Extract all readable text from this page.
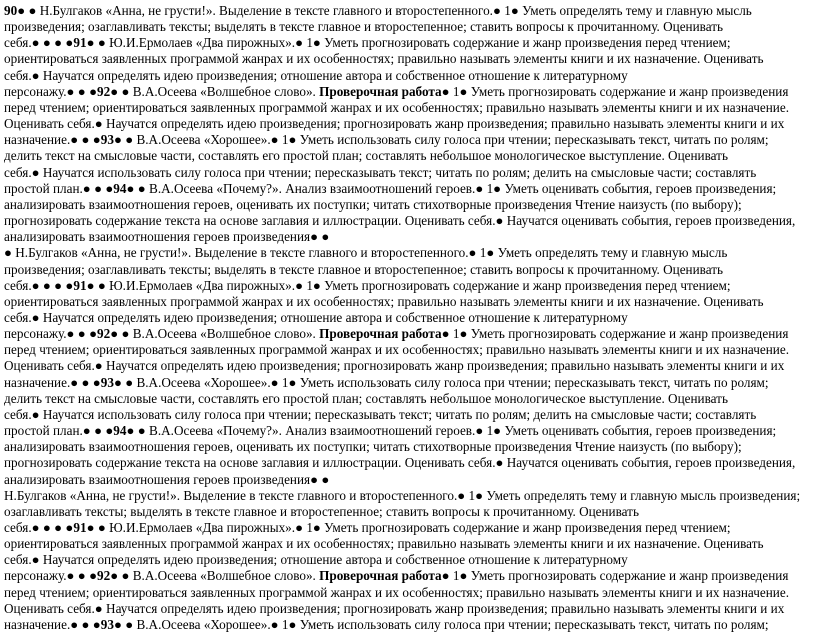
90● ● Н.Булгаков «Анна, не грусти!». Выделение в тексте главного и второстепенного.● 1● Уметь определять тему и главную мысль
произведения; озаглавливать тексты; выделять в тексте главное и второстепенное; ставить вопросы к прочитанному. Оценивать
себя.● ● ● ●91● ● Ю.И.Ермолаев «Два пирожных».● 1● Уметь прогнозировать содержание и жанр произведения перед чтением;
ориентироваться заявленных программой жанрах и их особенностях; правильно называть элементы книги и их назначение. Оценивать
себя.● Научатся определять идею произведения; отношение автора и собственное отношение к литературному
персонажу.● ● ●92● ● В.А.Осеева «Волшебное слово». Проверочная работа● 1● Уметь прогнозировать содержание и жанр произведения
перед чтением; ориентироваться заявленных программой жанрах и их особенностях; правильно называть элементы книги и их назначение.
Оценивать себя.● Научатся определять идею произведения; прогнозировать жанр произведения; правильно называть элементы книги и их
назначение.● ● ●93● ● В.А.Осеева «Хорошее».● 1● Уметь использовать силу голоса при чтении; пересказывать текст, читать по ролям;
делить текст на смысловые части, составлять его простой план; составлять небольшое монологическое выступление. Оценивать
себя.● Научатся использовать силу голоса при чтении; пересказывать текст; читать по ролям; делить на смысловые части; составлять
простой план.● ● ●94● ● В.А.Осеева «Почему?». Анализ взаимоотношений героев.● 1● Уметь оценивать события, героев произведения;
анализировать взаимоотношения героев, оценивать их поступки; читать стихотворные произведения Чтение наизусть (по выбору);
прогнозировать содержание текста на основе заглавия и иллюстрации. Оценивать себя.● Научатся оценивать события, героев произведения,
анализировать взаимоотношения героев произведения● ●
● Н.Булгаков «Анна, не грусти!». Выделение в тексте главного и второстепенного.● 1● Уметь определять тему и главную мысль
произведения; озаглавливать тексты; выделять в тексте главное и второстепенное; ставить вопросы к прочитанному. Оценивать
себя.● ● ● ●91● ● Ю.И.Ермолаев «Два пирожных».● 1● Уметь прогнозировать содержание и жанр произведения перед чтением;
ориентироваться заявленных программой жанрах и их особенностях; правильно называть элементы книги и их назначение. Оценивать
себя.● Научатся определять идею произведения; отношение автора и собственное отношение к литературному
персонажу.● ● ●92● ● В.А.Осеева «Волшебное слово». Проверочная работа● 1● Уметь прогнозировать содержание и жанр произведения
перед чтением; ориентироваться заявленных программой жанрах и их особенностях; правильно называть элементы книги и их назначение.
Оценивать себя.● Научатся определять идею произведения; прогнозировать жанр произведения; правильно называть элементы книги и их
назначение.● ● ●93● ● В.А.Осеева «Хорошее».● 1● Уметь использовать силу голоса при чтении; пересказывать текст, читать по ролям;
делить текст на смысловые части, составлять его простой план; составлять небольшое монологическое выступление. Оценивать
себя.● Научатся использовать силу голоса при чтении; пересказывать текст; читать по ролям; делить на смысловые части; составлять
простой план.● ● ●94● ● В.А.Осеева «Почему?». Анализ взаимоотношений героев.● 1● Уметь оценивать события, героев произведения;
анализировать взаимоотношения героев, оценивать их поступки; читать стихотворные произведения Чтение наизусть (по выбору);
прогнозировать содержание текста на основе заглавия и иллюстрации. Оценивать себя.● Научатся оценивать события, героев произведения,
анализировать взаимоотношения героев произведения● ●
Н.Булгаков «Анна, не грусти!». Выделение в тексте главного и второстепенного.● 1● Уметь определять тему и главную мысль произведения;
озаглавливать тексты; выделять в тексте главное и второстепенное; ставить вопросы к прочитанному. Оценивать
себя.● ● ● ●91● ● Ю.И.Ермолаев «Два пирожных».● 1● Уметь прогнозировать содержание и жанр произведения перед чтением;
ориентироваться заявленных программой жанрах и их особенностях; правильно называть элементы книги и их назначение. Оценивать
себя.● Научатся определять идею произведения; отношение автора и собственное отношение к литературному
персонажу.● ● ●92● ● В.А.Осеева «Волшебное слово». Проверочная работа● 1● Уметь прогнозировать содержание и жанр произведения
перед чтением; ориентироваться заявленных программой жанрах и их особенностях; правильно называть элементы книги и их назначение.
Оценивать себя.● Научатся определять идею произведения; прогнозировать жанр произведения; правильно называть элементы книги и их
назначение.● ● ●93● ● В.А.Осеева «Хорошее».● 1● Уметь использовать силу голоса при чтении; пересказывать текст, читать по ролям;
